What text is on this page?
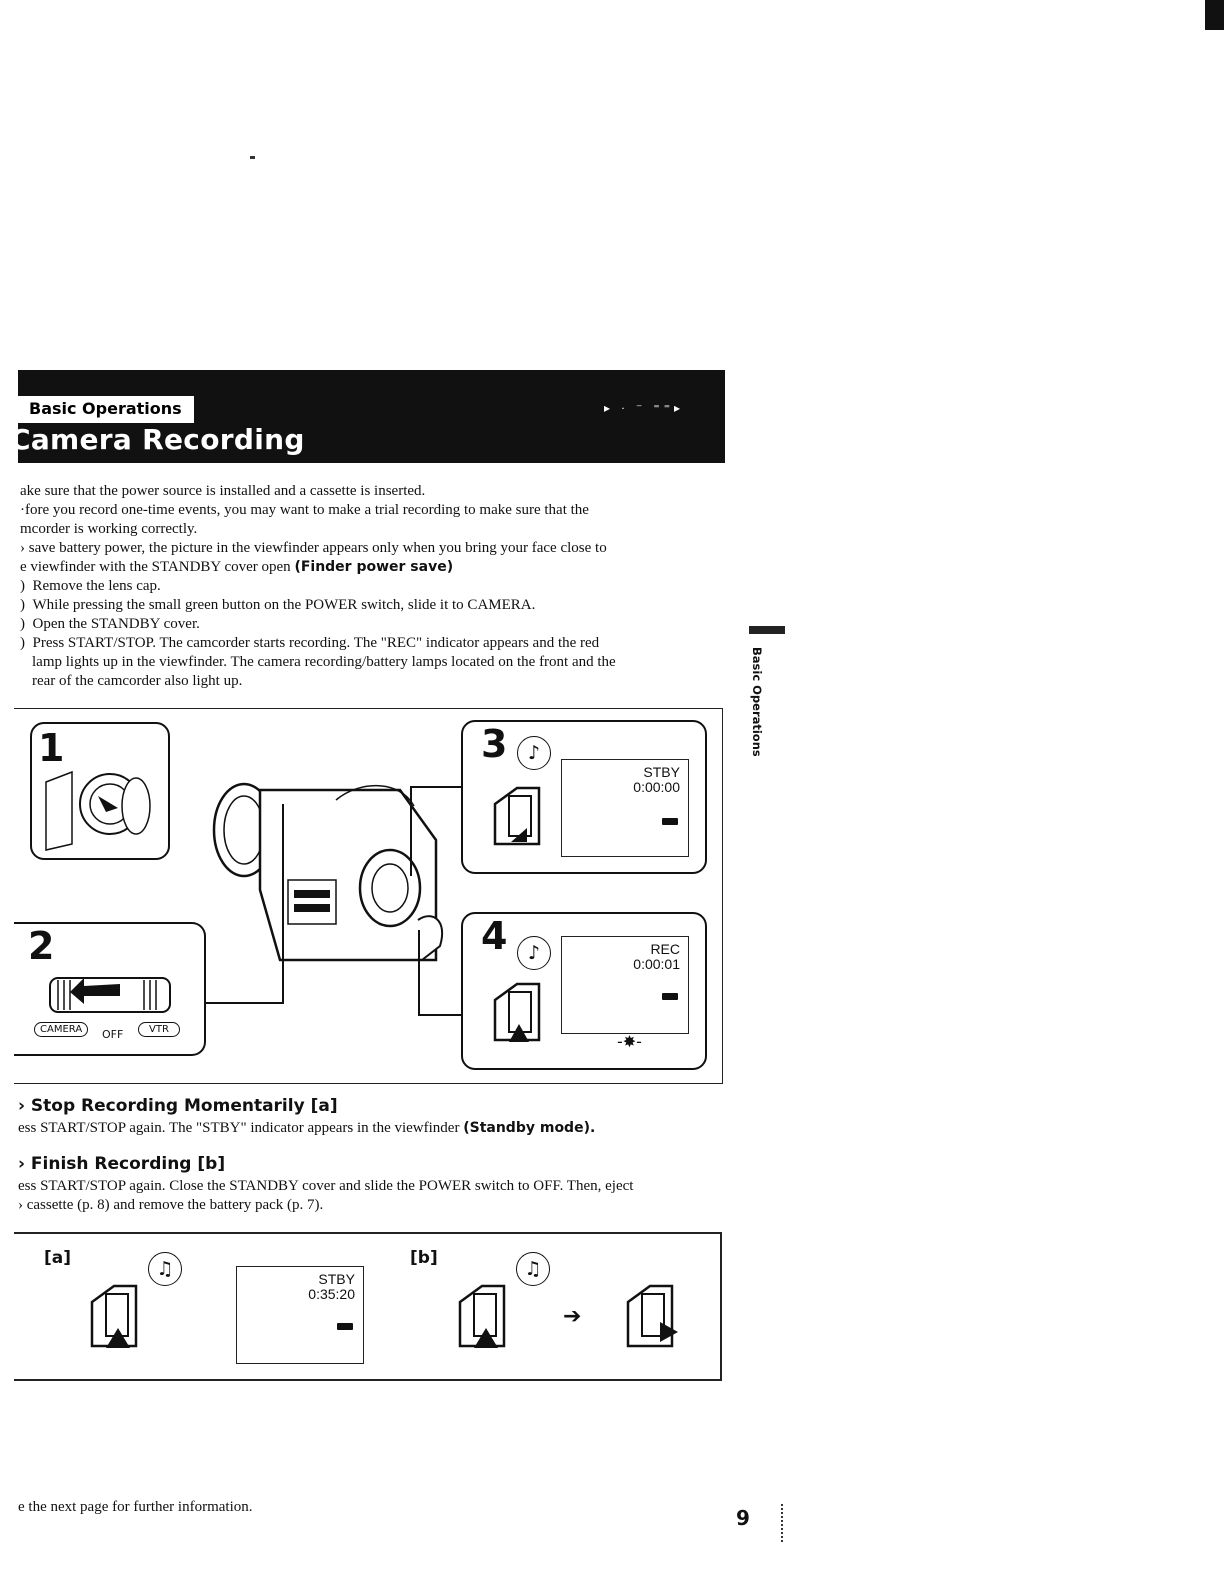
Basic Operations
Camera Recording
▸ · ⁻ ⁼⁼▸
ake sure that the power source is installed and a cassette is inserted.
·fore you record one-time events, you may want to make a trial recording to make sure that the
mcorder is working correctly.
› save battery power, the picture in the viewfinder appears only when you bring your face close to
e viewfinder with the STANDBY cover open (Finder power save)
) Remove the lens cap.
) While pressing the small green button on the POWER switch, slide it to CAMERA.
) Open the STANDBY cover.
) Press START/STOP. The camcorder starts recording. The "REC" indicator appears and the red
lamp lights up in the viewfinder. The camera recording/battery lamps located on the front and the
rear of the camcorder also light up.	Basic Operations
1
2
CAMERA	OFF	VTR
3	♪
STBY
0:00:00
4	♪	REC
0:00:01
-✸-
› Stop Recording Momentarily [a]
ess START/STOP again. The "STBY" indicator appears in the viewfinder (Standby mode).
› Finish Recording [b]
ess START/STOP again. Close the STANDBY cover and slide the POWER switch to OFF. Then, eject
› cassette (p. 8) and remove the battery pack (p. 7).
[a]	♫	STBY
0:35:20
[b]	♫
➔
e the next page for further information.	9
